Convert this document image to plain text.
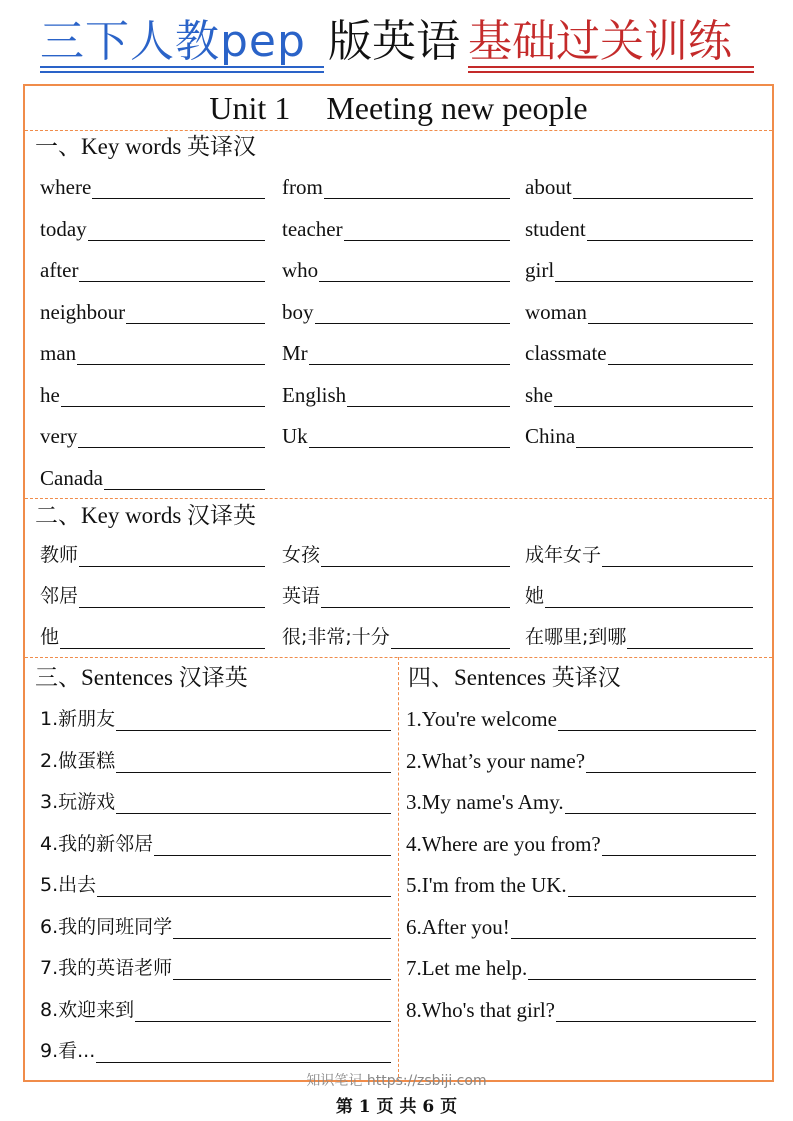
三下人教pep 版英语 基础过关训练
Unit 1 Meeting new people
一、Key words 英译汉
二、Key words 汉译英
三、Sentences 汉译英	四、Sentences 英译汉
where	from	about
today	teacher	student
after	who	girl
neighbour	boy	woman
man	Mr	classmate
he	English	she
very	Uk	China
Canada
教师	女孩	成年女子
邻居	英语	她
他	很;非常;十分	在哪里;到哪
1.新朋友
2.做蛋糕
3.玩游戏
4.我的新邻居
5.出去
6.我的同班同学
7.我的英语老师
8.欢迎来到
9.看...
1.You're welcome
2.What’s your name?
3.My name's Amy.
4.Where are you from?
5.I'm from the UK.
6.After you!
7.Let me help.
8.Who's that girl?
知识笔记 https://zsbiji.com
第 1 页 共 6 页
